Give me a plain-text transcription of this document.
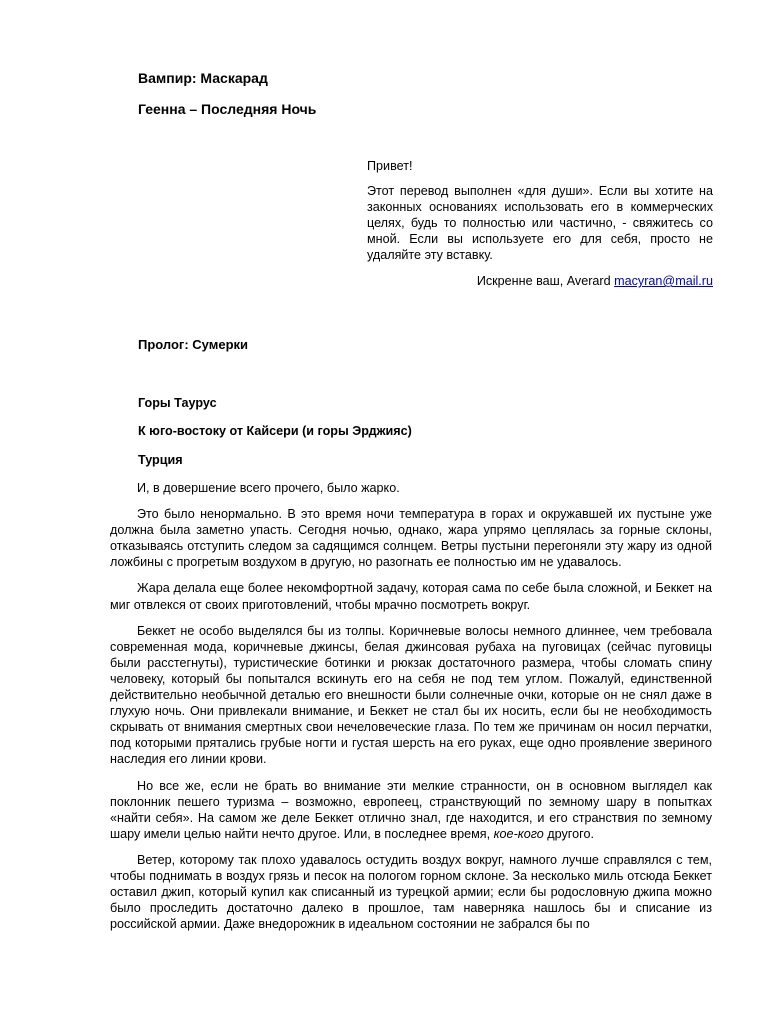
Вампир: Маскарад
Геенна – Последняя Ночь

Привет!

Этот перевод выполнен «для души». Если вы хотите на законных основаниях использовать его в коммерческих целях, будь то полностью или частично, - свяжитесь со мной. Если вы используете его для себя, просто не удаляйте эту вставку.

Искренне ваш, Averard macyran@mail.ru

Пролог: Сумерки
Горы Таурус
К юго-востоку от Кайсери (и горы Эрджияс)
Турция

И, в довершение всего прочего, было жарко.

Это было ненормально. В это время ночи температура в горах и окружавшей их пустыне уже должна была заметно упасть. Сегодня ночью, однако, жара упрямо цеплялась за горные склоны, отказываясь отступить следом за садящимся солнцем. Ветры пустыни перегоняли эту жару из одной ложбины с прогретым воздухом в другую, но разогнать ее полностью им не удавалось.

Жара делала еще более некомфортной задачу, которая сама по себе была сложной, и Беккет на миг отвлекся от своих приготовлений, чтобы мрачно посмотреть вокруг.

Беккет не особо выделялся бы из толпы. Коричневые волосы немного длиннее, чем требовала современная мода, коричневые джинсы, белая джинсовая рубаха на пуговицах (сейчас пуговицы были расстегнуты), туристические ботинки и рюкзак достаточного размера, чтобы сломать спину человеку, который бы попытался вскинуть его на себя не под тем углом. Пожалуй, единственной действительно необычной деталью его внешности были солнечные очки, которые он не снял даже в глухую ночь. Они привлекали внимание, и Беккет не стал бы их носить, если бы не необходимость скрывать от внимания смертных свои нечеловеческие глаза. По тем же причинам он носил перчатки, под которыми прятались грубые ногти и густая шерсть на его руках, еще одно проявление звериного наследия его линии крови.

Но все же, если не брать во внимание эти мелкие странности, он в основном выглядел как поклонник пешего туризма – возможно, европеец, странствующий по земному шару в попытках «найти себя». На самом же деле Беккет отлично знал, где находится, и его странствия по земному шару имели целью найти нечто другое. Или, в последнее время, кое-кого другого.

Ветер, которому так плохо удавалось остудить воздух вокруг, намного лучше справлялся с тем, чтобы поднимать в воздух грязь и песок на пологом горном склоне. За несколько миль отсюда Беккет оставил джип, который купил как списанный из турецкой армии; если бы родословную джипа можно было проследить достаточно далеко в прошлое, там наверняка нашлось бы и списание из российской армии. Даже внедорожник в идеальном состоянии не забрался бы по
